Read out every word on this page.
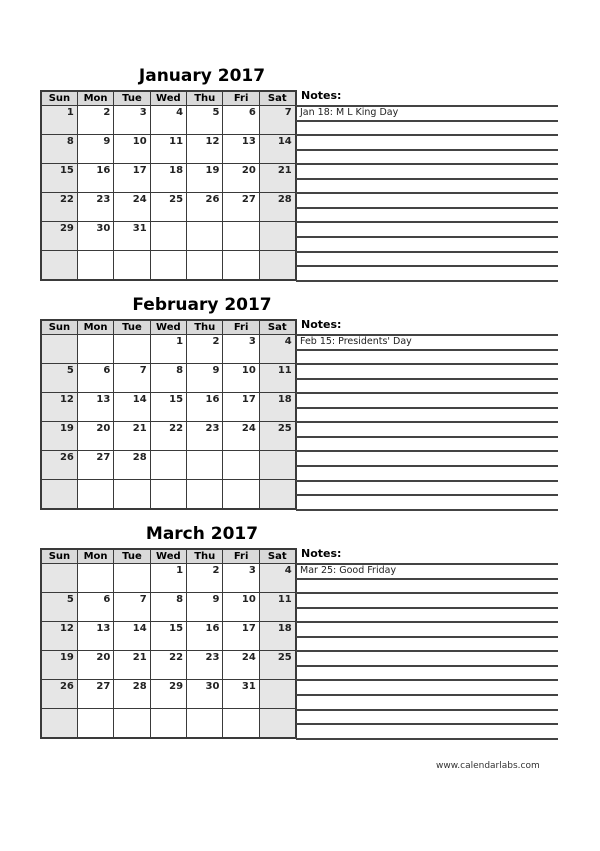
January 2017
Sun	Mon	Tue	Wed	Thu	Fri	Sat
1	2	3	4	5	6	7
8	9	10	11	12	13	14
15	16	17	18	19	20	21
22	23	24	25	26	27	28
29	30	31				

Notes:
Jan 18: M L King Day
February 2017
Sun	Mon	Tue	Wed	Thu	Fri	Sat
			1	2	3	4
5	6	7	8	9	10	11
12	13	14	15	16	17	18
19	20	21	22	23	24	25
26	27	28				

Notes:
Feb 15: Presidents' Day
March 2017
Sun	Mon	Tue	Wed	Thu	Fri	Sat
			1	2	3	4
5	6	7	8	9	10	11
12	13	14	15	16	17	18
19	20	21	22	23	24	25
26	27	28	29	30	31	

Notes:
Mar 25: Good Friday
www.calendarlabs.com
